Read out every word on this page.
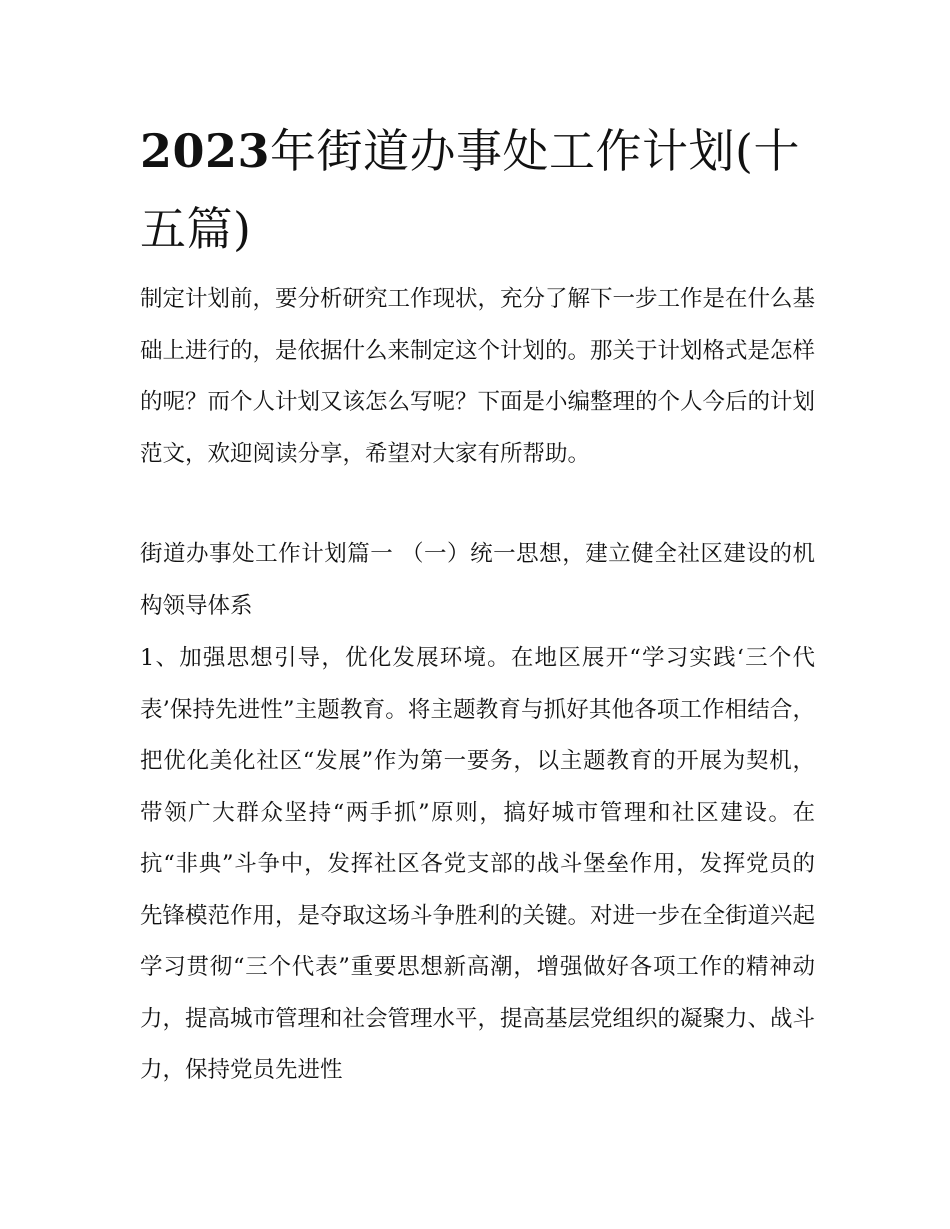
2023年街道办事处工作计划(十五篇)

制定计划前，要分析研究工作现状，充分了解下一步工作是在什么基础上进行的，是依据什么来制定这个计划的。那关于计划格式是怎样的呢？而个人计划又该怎么写呢？下面是小编整理的个人今后的计划范文，欢迎阅读分享，希望对大家有所帮助。

街道办事处工作计划篇一 （一）统一思想，建立健全社区建设的机构领导体系

1、加强思想引导，优化发展环境。在地区展开“学习实践‘三个代表’保持先进性”主题教育。将主题教育与抓好其他各项工作相结合，把优化美化社区“发展”作为第一要务，以主题教育的开展为契机，带领广大群众坚持“两手抓”原则，搞好城市管理和社区建设。在抗“非典”斗争中，发挥社区各党支部的战斗堡垒作用，发挥党员的先锋模范作用，是夺取这场斗争胜利的关键。对进一步在全街道兴起学习贯彻“三个代表”重要思想新高潮，增强做好各项工作的精神动力，提高城市管理和社会管理水平，提高基层党组织的凝聚力、战斗力，保持党员先进性
